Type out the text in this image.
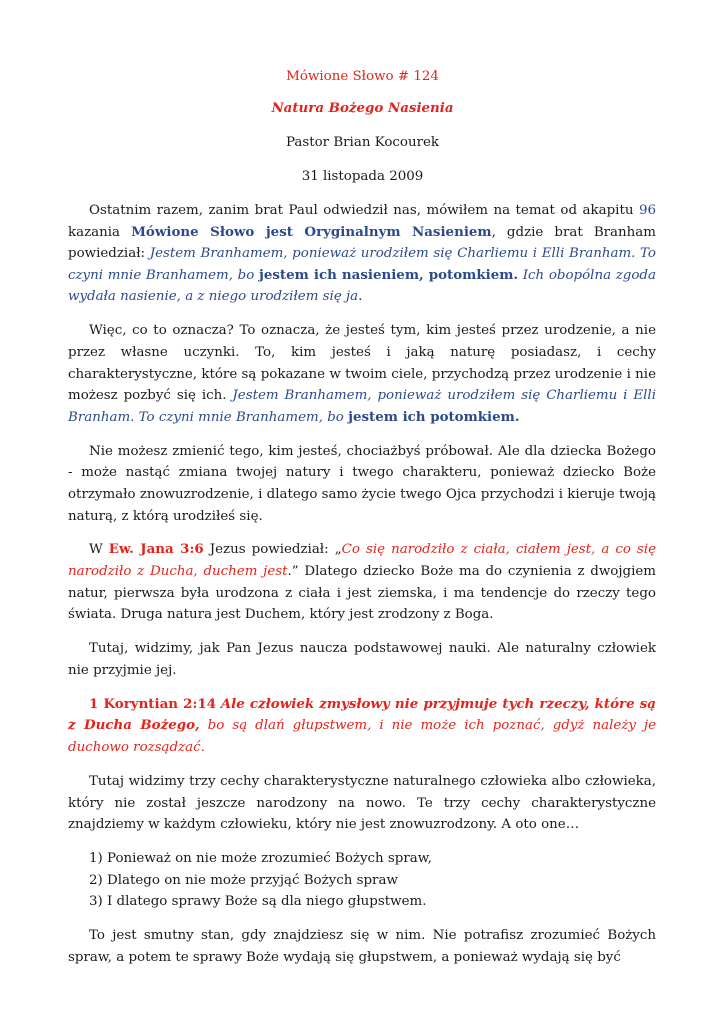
Mówione Słowo # 124
Natura Bożego Nasienia
Pastor Brian Kocourek
31 listopada 2009

Ostatnim razem, zanim brat Paul odwiedził nas, mówiłem na temat od akapitu 96 kazania Mówione Słowo jest Oryginalnym Nasieniem, gdzie brat Branham powiedział: Jestem Branhamem, ponieważ urodziłem się Charliemu i Elli Branham. To czyni mnie Branhamem, bo jestem ich nasieniem, potomkiem. Ich obopólna zgoda wydała nasienie, a z niego urodziłem się ja.

Więc, co to oznacza? To oznacza, że jesteś tym, kim jesteś przez urodzenie, a nie przez własne uczynki. To, kim jesteś i jaką naturę posiadasz, i cechy charakterystyczne, które są pokazane w twoim ciele, przychodzą przez urodzenie i nie możesz pozbyć się ich. Jestem Branhamem, ponieważ urodziłem się Charliemu i Elli Branham. To czyni mnie Branhamem, bo jestem ich potomkiem.

Nie możesz zmienić tego, kim jesteś, chociażbyś próbował. Ale dla dziecka Bożego - może nastąć zmiana twojej natury i twego charakteru, ponieważ dziecko Boże otrzymało znowuzrodzenie, i dlatego samo życie twego Ojca przychodzi i kieruje twoją naturą, z którą urodziłeś się.

W Ew. Jana 3:6 Jezus powiedział: „Co się narodziło z ciała, ciałem jest, a co się narodziło z Ducha, duchem jest.” Dlatego dziecko Boże ma do czynienia z dwojgiem natur, pierwsza była urodzona z ciała i jest ziemska, i ma tendencje do rzeczy tego świata. Druga natura jest Duchem, który jest zrodzony z Boga.

Tutaj, widzimy, jak Pan Jezus naucza podstawowej nauki. Ale naturalny człowiek nie przyjmie jej.

1 Koryntian 2:14 Ale człowiek zmysłowy nie przyjmuje tych rzeczy, które są z Ducha Bożego, bo są dlań głupstwem, i nie może ich poznać, gdyż należy je duchowo rozsądzać.

Tutaj widzimy trzy cechy charakterystyczne naturalnego człowieka albo człowieka, który nie został jeszcze narodzony na nowo. Te trzy cechy charakterystyczne znajdziemy w każdym człowieku, który nie jest znowuzrodzony. A oto one…

1) Ponieważ on nie może zrozumieć Bożych spraw,
2) Dlatego on nie może przyjąć Bożych spraw
3) I dlatego sprawy Boże są dla niego głupstwem.

To jest smutny stan, gdy znajdziesz się w nim. Nie potrafisz zrozumieć Bożych spraw, a potem te sprawy Boże wydają się głupstwem, a ponieważ wydają się być
